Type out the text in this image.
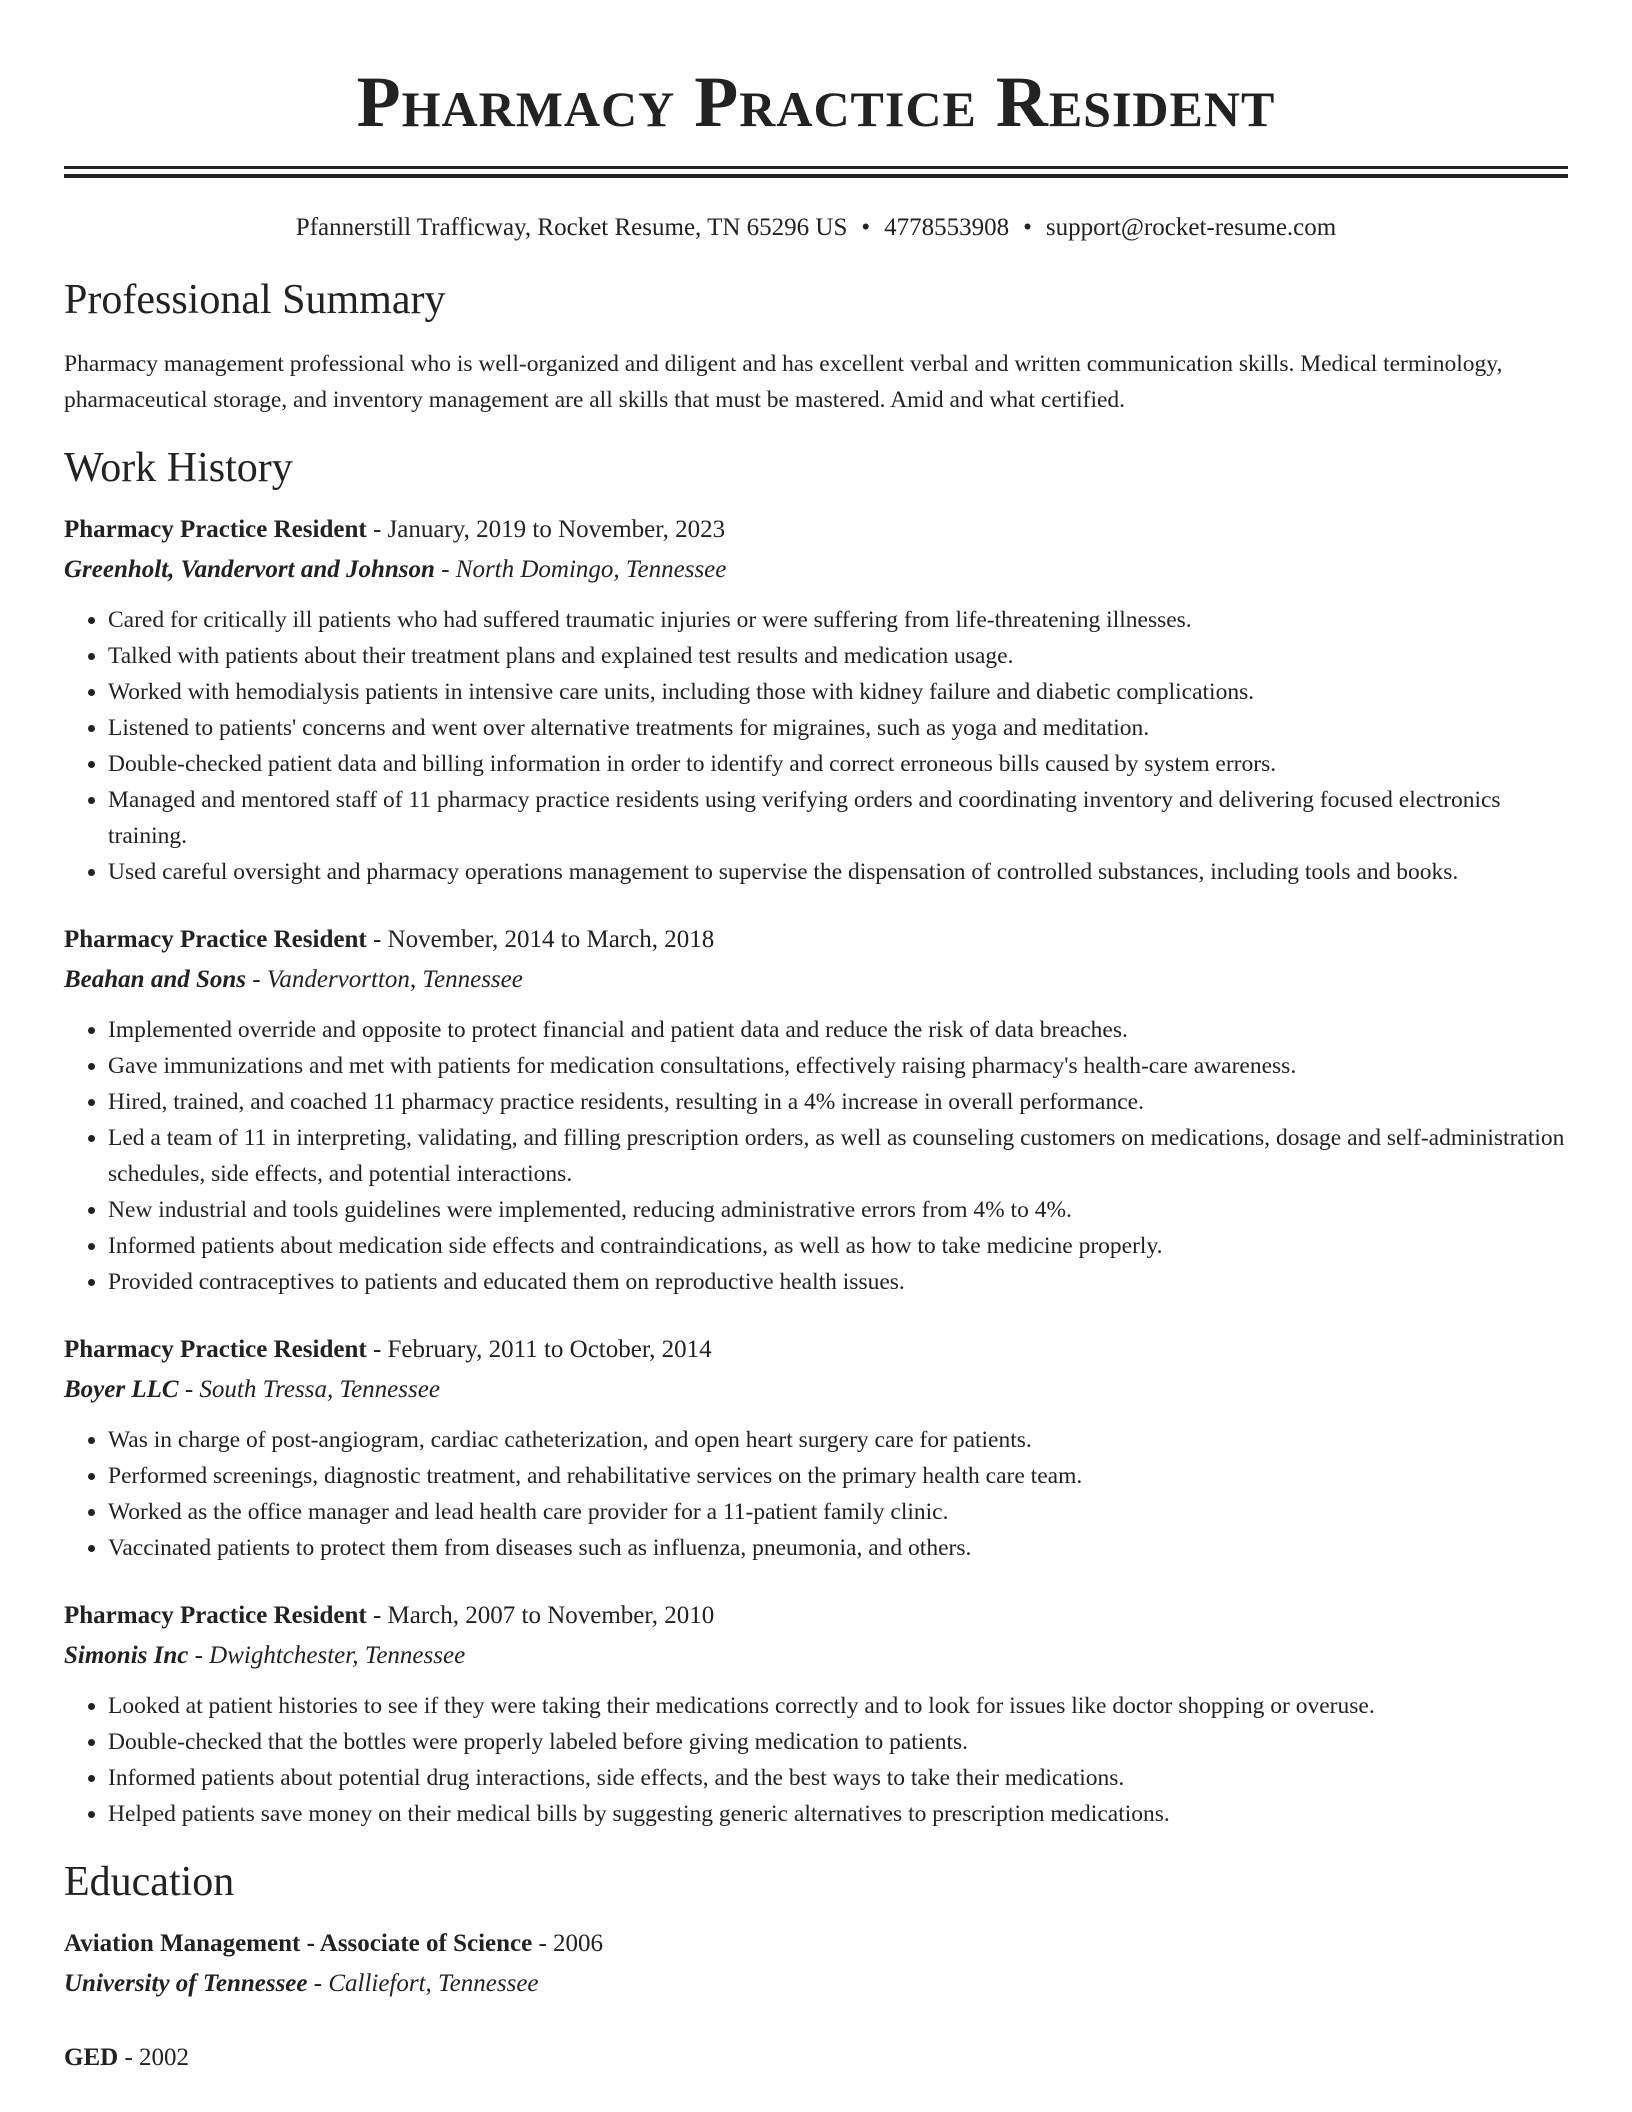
Pharmacy Practice Resident
Pfannerstill Trafficway, Rocket Resume, TN 65296 US • 4778553908 • support@rocket-resume.com
Professional Summary

Pharmacy management professional who is well-organized and diligent and has excellent verbal and written communication skills. Medical terminology, pharmaceutical storage, and inventory management are all skills that must be mastered. Amid and what certified.

Work History
Pharmacy Practice Resident - January, 2019 to November, 2023
Greenholt, Vandervort and Johnson - North Domingo, Tennessee
• Cared for critically ill patients who had suffered traumatic injuries or were suffering from life-threatening illnesses.
• Talked with patients about their treatment plans and explained test results and medication usage.
• Worked with hemodialysis patients in intensive care units, including those with kidney failure and diabetic complications.
• Listened to patients' concerns and went over alternative treatments for migraines, such as yoga and meditation.
• Double-checked patient data and billing information in order to identify and correct erroneous bills caused by system errors.
• Managed and mentored staff of 11 pharmacy practice residents using verifying orders and coordinating inventory and delivering focused electronics training.
• Used careful oversight and pharmacy operations management to supervise the dispensation of controlled substances, including tools and books.
Pharmacy Practice Resident - November, 2014 to March, 2018
Beahan and Sons - Vandervortton, Tennessee
• Implemented override and opposite to protect financial and patient data and reduce the risk of data breaches.
• Gave immunizations and met with patients for medication consultations, effectively raising pharmacy's health-care awareness.
• Hired, trained, and coached 11 pharmacy practice residents, resulting in a 4% increase in overall performance.
• Led a team of 11 in interpreting, validating, and filling prescription orders, as well as counseling customers on medications, dosage and self-administration schedules, side effects, and potential interactions.
• New industrial and tools guidelines were implemented, reducing administrative errors from 4% to 4%.
• Informed patients about medication side effects and contraindications, as well as how to take medicine properly.
• Provided contraceptives to patients and educated them on reproductive health issues.
Pharmacy Practice Resident - February, 2011 to October, 2014
Boyer LLC - South Tressa, Tennessee
• Was in charge of post-angiogram, cardiac catheterization, and open heart surgery care for patients.
• Performed screenings, diagnostic treatment, and rehabilitative services on the primary health care team.
• Worked as the office manager and lead health care provider for a 11-patient family clinic.
• Vaccinated patients to protect them from diseases such as influenza, pneumonia, and others.
Pharmacy Practice Resident - March, 2007 to November, 2010
Simonis Inc - Dwightchester, Tennessee
• Looked at patient histories to see if they were taking their medications correctly and to look for issues like doctor shopping or overuse.
• Double-checked that the bottles were properly labeled before giving medication to patients.
• Informed patients about potential drug interactions, side effects, and the best ways to take their medications.
• Helped patients save money on their medical bills by suggesting generic alternatives to prescription medications.
Education
Aviation Management - Associate of Science - 2006
University of Tennessee - Calliefort, Tennessee
GED - 2002
